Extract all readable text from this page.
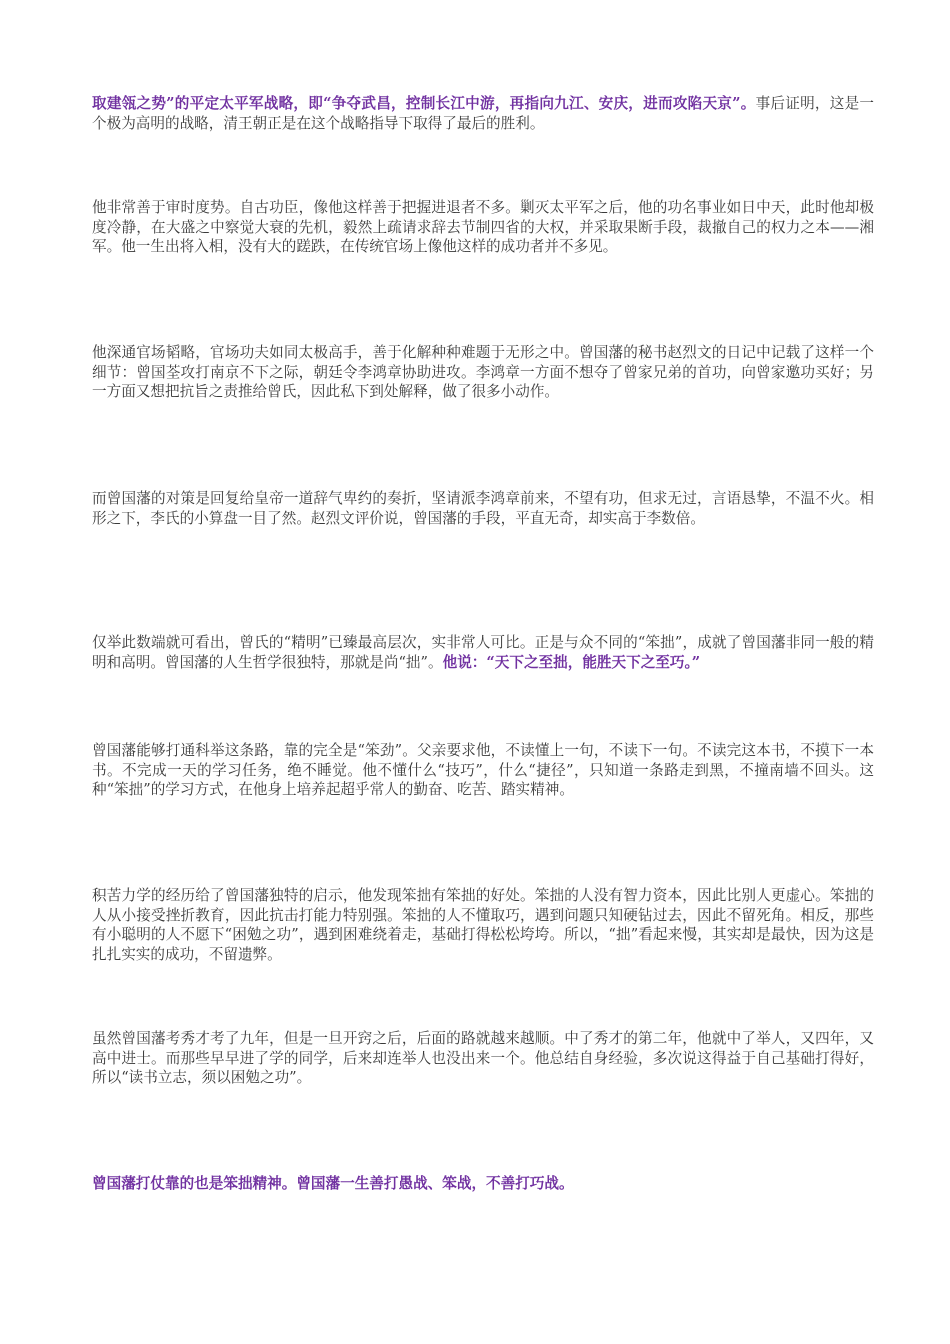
取建瓴之势”的平定太平军战略，即“争夺武昌，控制长江中游，再指向九江、安庆，进而攻陷天京”。事后证明，这是一个极为高明的战略，清王朝正是在这个战略指导下取得了最后的胜利。

他非常善于审时度势。自古功臣，像他这样善于把握进退者不多。剿灭太平军之后，他的功名事业如日中天，此时他却极度冷静，在大盛之中察觉大衰的先机，毅然上疏请求辞去节制四省的大权，并采取果断手段，裁撤自己的权力之本——湘军。他一生出将入相，没有大的蹉跌，在传统官场上像他这样的成功者并不多见。

他深通官场韬略，官场功夫如同太极高手，善于化解种种难题于无形之中。曾国藩的秘书赵烈文的日记中记载了这样一个细节：曾国荃攻打南京不下之际，朝廷令李鸿章协助进攻。李鸿章一方面不想夺了曾家兄弟的首功，向曾家邀功买好；另一方面又想把抗旨之责推给曾氏，因此私下到处解释，做了很多小动作。

而曾国藩的对策是回复给皇帝一道辞气卑约的奏折，坚请派李鸿章前来，不望有功，但求无过，言语恳挚，不温不火。相形之下，李氏的小算盘一目了然。赵烈文评价说，曾国藩的手段，平直无奇，却实高于李数倍。

仅举此数端就可看出，曾氏的“精明”已臻最高层次，实非常人可比。正是与众不同的“笨拙”，成就了曾国藩非同一般的精明和高明。曾国藩的人生哲学很独特，那就是尚“拙”。他说：“天下之至拙，能胜天下之至巧。”

曾国藩能够打通科举这条路，靠的完全是“笨劲”。父亲要求他，不读懂上一句，不读下一句。不读完这本书，不摸下一本书。不完成一天的学习任务，绝不睡觉。他不懂什么“技巧”，什么“捷径”，只知道一条路走到黑，不撞南墙不回头。这种“笨拙”的学习方式，在他身上培养起超乎常人的勤奋、吃苦、踏实精神。

积苦力学的经历给了曾国藩独特的启示，他发现笨拙有笨拙的好处。笨拙的人没有智力资本，因此比别人更虚心。笨拙的人从小接受挫折教育，因此抗击打能力特别强。笨拙的人不懂取巧，遇到问题只知硬钻过去，因此不留死角。相反，那些有小聪明的人不愿下“困勉之功”，遇到困难绕着走，基础打得松松垮垮。所以，“拙”看起来慢，其实却是最快，因为这是扎扎实实的成功，不留遗弊。

虽然曾国藩考秀才考了九年，但是一旦开窍之后，后面的路就越来越顺。中了秀才的第二年，他就中了举人，又四年，又高中进士。而那些早早进了学的同学，后来却连举人也没出来一个。他总结自身经验，多次说这得益于自己基础打得好，所以“读书立志，须以困勉之功”。

曾国藩打仗靠的也是笨拙精神。曾国藩一生善打愚战、笨战，不善打巧战。
